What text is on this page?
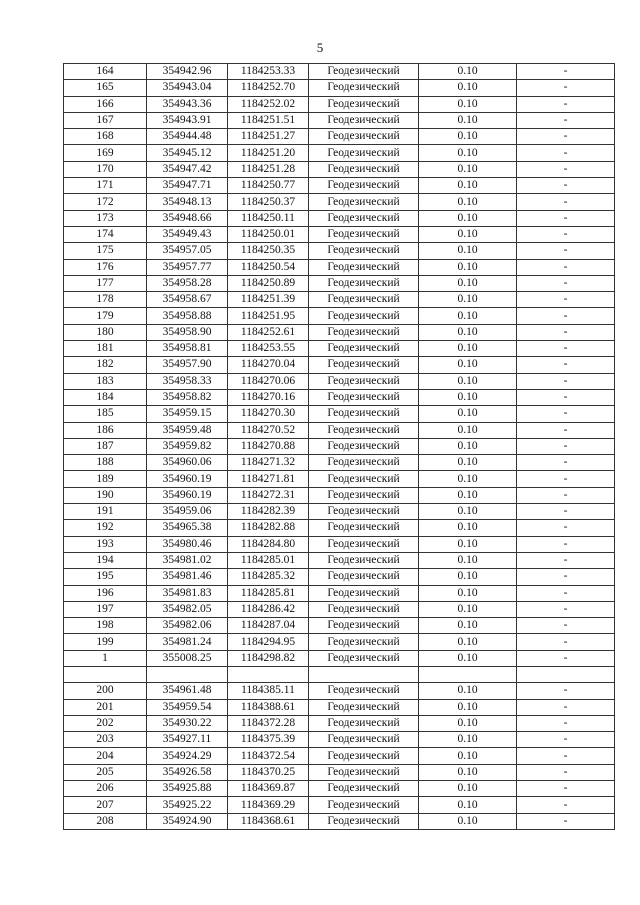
5
164	354942.96	1184253.33	Геодезический	0.10	-
165	354943.04	1184252.70	Геодезический	0.10	-
166	354943.36	1184252.02	Геодезический	0.10	-
167	354943.91	1184251.51	Геодезический	0.10	-
168	354944.48	1184251.27	Геодезический	0.10	-
169	354945.12	1184251.20	Геодезический	0.10	-
170	354947.42	1184251.28	Геодезический	0.10	-
171	354947.71	1184250.77	Геодезический	0.10	-
172	354948.13	1184250.37	Геодезический	0.10	-
173	354948.66	1184250.11	Геодезический	0.10	-
174	354949.43	1184250.01	Геодезический	0.10	-
175	354957.05	1184250.35	Геодезический	0.10	-
176	354957.77	1184250.54	Геодезический	0.10	-
177	354958.28	1184250.89	Геодезический	0.10	-
178	354958.67	1184251.39	Геодезический	0.10	-
179	354958.88	1184251.95	Геодезический	0.10	-
180	354958.90	1184252.61	Геодезический	0.10	-
181	354958.81	1184253.55	Геодезический	0.10	-
182	354957.90	1184270.04	Геодезический	0.10	-
183	354958.33	1184270.06	Геодезический	0.10	-
184	354958.82	1184270.16	Геодезический	0.10	-
185	354959.15	1184270.30	Геодезический	0.10	-
186	354959.48	1184270.52	Геодезический	0.10	-
187	354959.82	1184270.88	Геодезический	0.10	-
188	354960.06	1184271.32	Геодезический	0.10	-
189	354960.19	1184271.81	Геодезический	0.10	-
190	354960.19	1184272.31	Геодезический	0.10	-
191	354959.06	1184282.39	Геодезический	0.10	-
192	354965.38	1184282.88	Геодезический	0.10	-
193	354980.46	1184284.80	Геодезический	0.10	-
194	354981.02	1184285.01	Геодезический	0.10	-
195	354981.46	1184285.32	Геодезический	0.10	-
196	354981.83	1184285.81	Геодезический	0.10	-
197	354982.05	1184286.42	Геодезический	0.10	-
198	354982.06	1184287.04	Геодезический	0.10	-
199	354981.24	1184294.95	Геодезический	0.10	-
1	355008.25	1184298.82	Геодезический	0.10	-

200	354961.48	1184385.11	Геодезический	0.10	-
201	354959.54	1184388.61	Геодезический	0.10	-
202	354930.22	1184372.28	Геодезический	0.10	-
203	354927.11	1184375.39	Геодезический	0.10	-
204	354924.29	1184372.54	Геодезический	0.10	-
205	354926.58	1184370.25	Геодезический	0.10	-
206	354925.88	1184369.87	Геодезический	0.10	-
207	354925.22	1184369.29	Геодезический	0.10	-
208	354924.90	1184368.61	Геодезический	0.10	-
